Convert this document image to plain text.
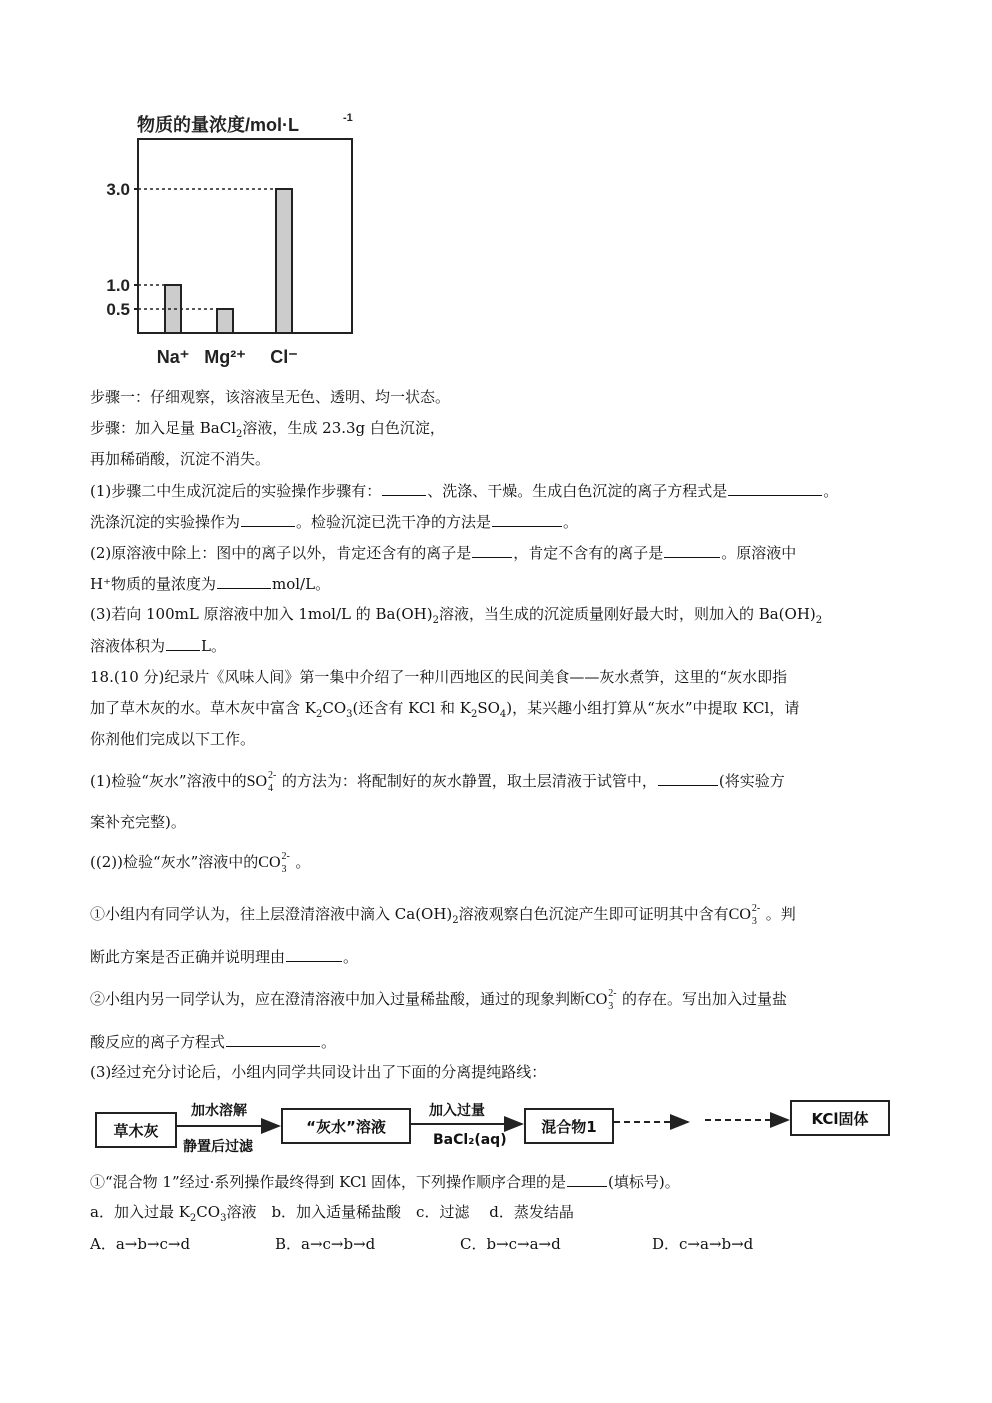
物质的量浓度/mol·L	-1
3.0
1.0
0.5
Na⁺ Mg²⁺ Cl⁻
步骤一：仔细观察，该溶液呈无色、透明、均一状态。
步骤：加入足量 BaCl$_2$溶液，生成 23.3g 白色沉淀，
再加稀硝酸，沉淀不消失。
(1)步骤二中生成沉淀后的实验操作步骤有：	、洗涤、干燥。生成白色沉淀的离子方程式是	。
洗涤沉淀的实验操作为	。检验沉淀已洗干净的方法是	。
(2)原溶液中除上：图中的离子以外，肯定还含有的离子是	，肯定不含有的离子是	。原溶液中
H⁺物质的量浓度为	mol/L。
(3)若向 100mL 原溶液中加入 1mol/L 的 $Ba(OH)_2$溶液，当生成的沉淀质量刚好最大时，则加入的 $Ba(OH)_2$
溶液体积为 L。
18.(10 分)纪录片《风味人间》第一集中介绍了一种川西地区的民间美食——灰水煮笋，这里的“灰水即指
加了草木灰的水。草木灰中富含 $K_2CO_3$(还含有 KCl 和 $K_2SO_4$)，某兴趣小组打算从“灰水”中提取 KCl，请
你剂他们完成以下工作。
(1)检验“灰水”溶液中的SO 2-
4 的方法为：将配制好的灰水静置，取土层清液于试管中，	(将实验方
案补充完整)。
((2))检验“灰水”溶液中的CO 2-
3 。
①小组内有同学认为，往上层澄清溶液中滴入 $Ca(OH)_2$溶液观察白色沉淀产生即可证明其中含有CO 2-
3 。判
断此方案是否正确并说明理由	。
②小组内另一同学认为，应在澄清溶液中加入过量稀盐酸，通过的现象判断CO 2-
3 的存在。写出加入过量盐
酸反应的离子方程式	。
(3)经过充分讨论后，小组内同学共同设计出了下面的分离提纯路线：
草木灰
加水溶解
静置后过滤
“灰水”溶液
加入过量
BaCl₂(aq)
混合物1	KCl固体
①“混合物 1”经过·系列操作最终得到 KCl 固体，下列操作顺序合理的是	(填标号)。
a．加入过最 $K_2CO_3$溶液　b．加入适量稀盐酸　c．过滤　 d．蒸发结晶
A．a→b→c→d	B．a→c→b→d	C．b→c→a→d	D．c→a→b→d
